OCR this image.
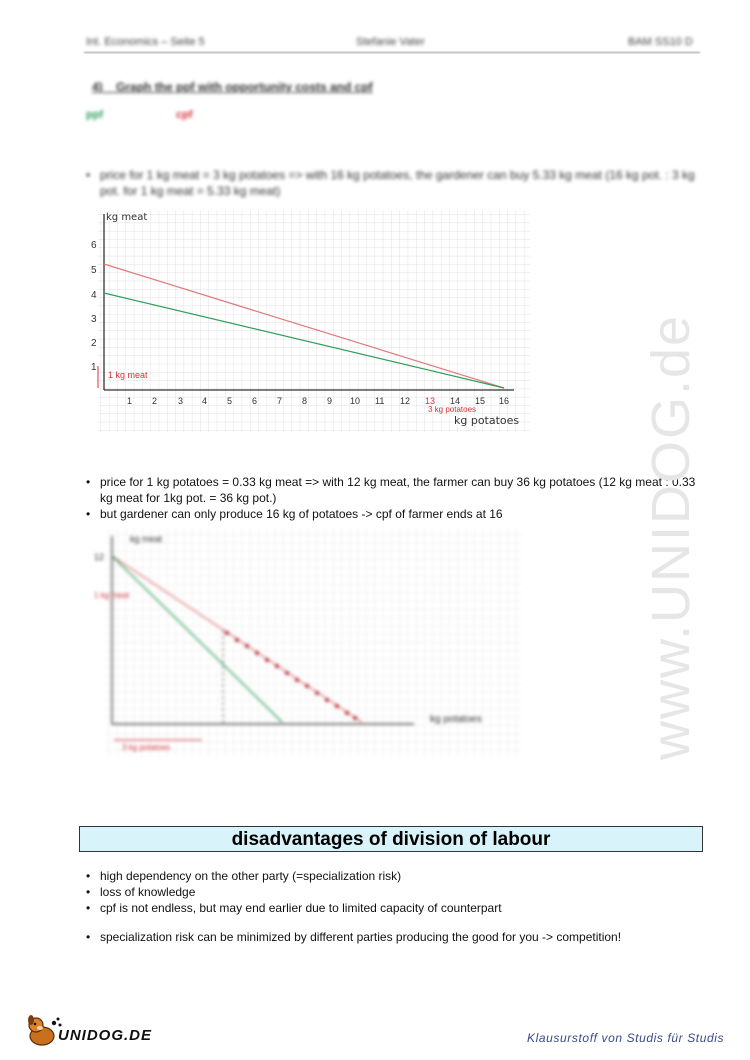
Int. Economics – Seite 5	Stefanie Vater	BAM SS10 D
4) Graph the ppf with opportunity costs and cpf
ppf	cpf
• price for 1 kg meat = 3 kg potatoes => with 16 kg potatoes, the gardener can buy 5.33 kg meat (16 kg pot. : 3 kg pot. for 1 kg meat = 5.33 kg meat)
kg meat
kg potatoes
1
2
3
4
5
6
1 2 3 4 5 6 7 8 9 10 11 12 13 14 15 16
1 kg meat
3 kg potatoes
• price for 1 kg potatoes = 0.33 kg meat => with 12 kg meat, the farmer can buy 36 kg potatoes (12 kg meat : 0.33 kg meat for 1kg pot. = 36 kg pot.)
• but gardener can only produce 16 kg of potatoes -> cpf of farmer ends at 16
kg meat
kg potatoes
12
1 kg meat
3 kg potatoes	www.UNIDOG.de
disadvantages of division of labour
• high dependency on the other party (=specialization risk)
• loss of knowledge
• cpf is not endless, but may end earlier due to limited capacity of counterpart
• specialization risk can be minimized by different parties producing the good for you -> competition!
UNIDOG.DE	Klausurstoff von Studis für Studis
